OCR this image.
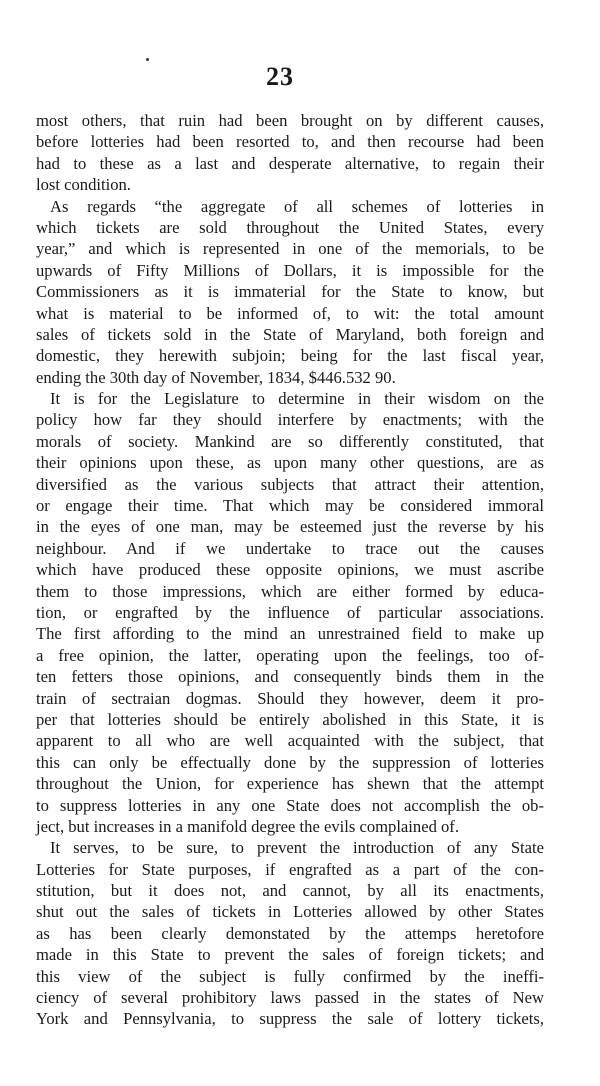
23
most others, that ruin had been brought on by different causes,
before lotteries had been resorted to, and then recourse had been
had to these as a last and desperate alternative, to regain their
lost condition.
As regards “the aggregate of all schemes of lotteries in
which tickets are sold throughout the United States, every
year,” and which is represented in one of the memorials, to be
upwards of Fifty Millions of Dollars, it is impossible for the
Commissioners as it is immaterial for the State to know, but
what is material to be informed of, to wit: the total amount
sales of tickets sold in the State of Maryland, both foreign and
domestic, they herewith subjoin; being for the last fiscal year,
ending the 30th day of November, 1834, $446.532 90.
It is for the Legislature to determine in their wisdom on the
policy how far they should interfere by enactments; with the
morals of society. Mankind are so differently constituted, that
their opinions upon these, as upon many other questions, are as
diversified as the various subjects that attract their attention,
or engage their time. That which may be considered immoral
in the eyes of one man, may be esteemed just the reverse by his
neighbour. And if we undertake to trace out the causes
which have produced these opposite opinions, we must ascribe
them to those impressions, which are either formed by educa-
tion, or engrafted by the influence of particular associations.
The first affording to the mind an unrestrained field to make up
a free opinion, the latter, operating upon the feelings, too of-
ten fetters those opinions, and consequently binds them in the
train of sectraian dogmas. Should they however, deem it pro-
per that lotteries should be entirely abolished in this State, it is
apparent to all who are well acquainted with the subject, that
this can only be effectually done by the suppression of lotteries
throughout the Union, for experience has shewn that the attempt
to suppress lotteries in any one State does not accomplish the ob-
ject, but increases in a manifold degree the evils complained of.
It serves, to be sure, to prevent the introduction of any State
Lotteries for State purposes, if engrafted as a part of the con-
stitution, but it does not, and cannot, by all its enactments,
shut out the sales of tickets in Lotteries allowed by other States
as has been clearly demonstated by the attemps heretofore
made in this State to prevent the sales of foreign tickets; and
this view of the subject is fully confirmed by the ineffi-
ciency of several prohibitory laws passed in the states of New
York and Pennsylvania, to suppress the sale of lottery tickets,
